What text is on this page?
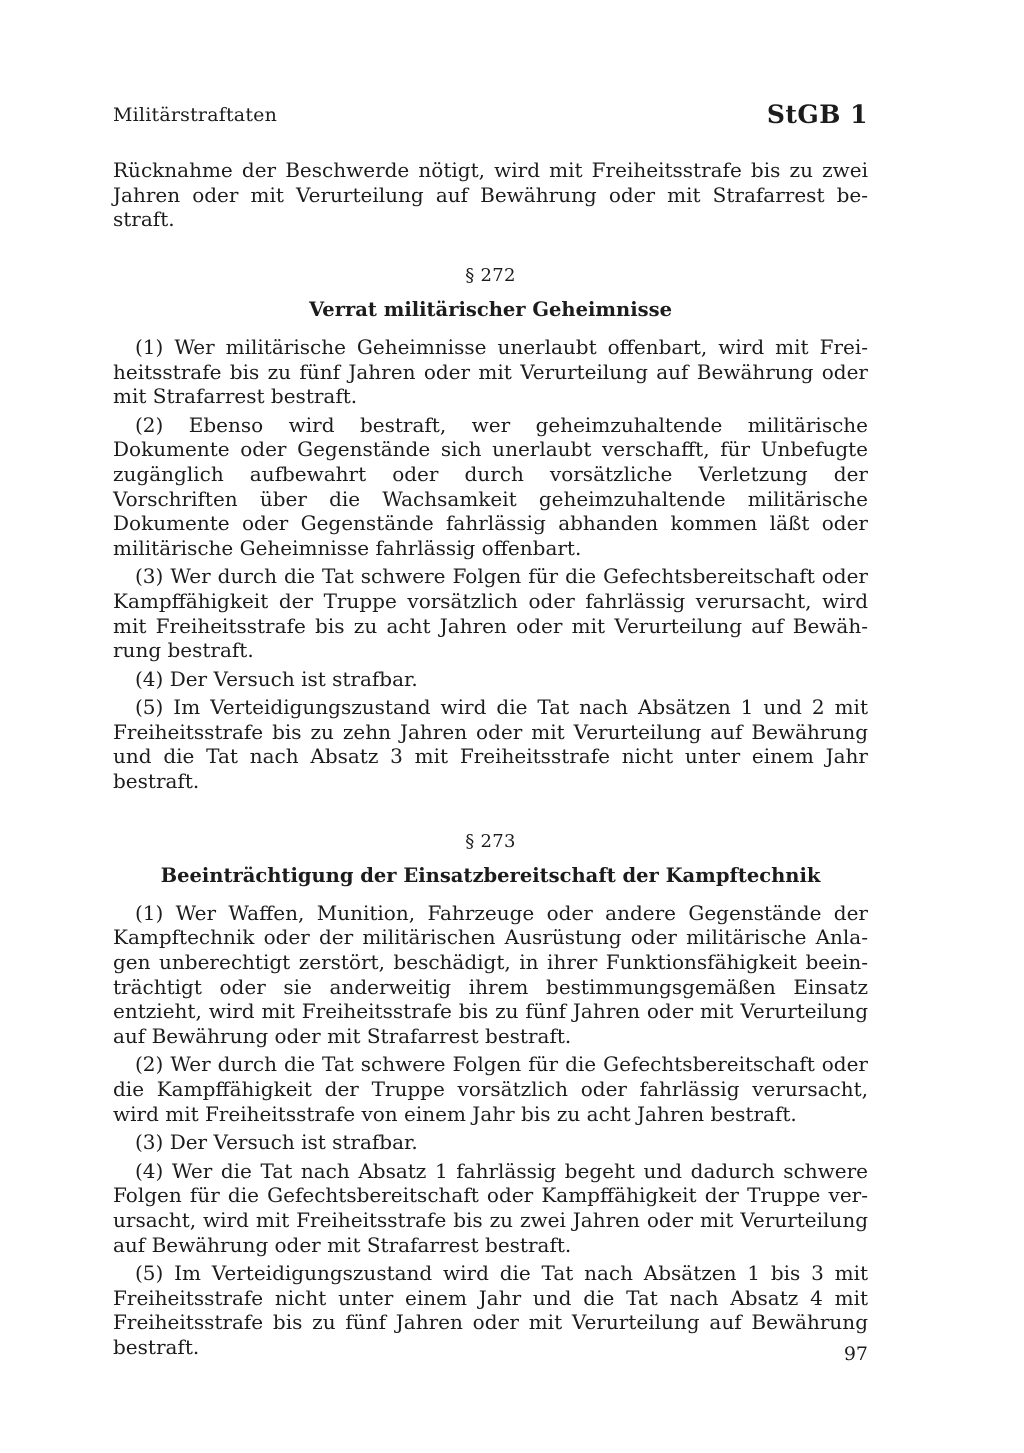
Militärstraftaten	StGB 1

Rücknahme der Beschwerde nötigt, wird mit Freiheitsstrafe bis zu zwei Jahren oder mit Verurteilung auf Bewährung oder mit Strafarrest bestraft.

§ 272
Verrat militärischer Geheimnisse

(1) Wer militärische Geheimnisse unerlaubt offenbart, wird mit Freiheitsstrafe bis zu fünf Jahren oder mit Verurteilung auf Bewährung oder mit Strafarrest bestraft.

(2) Ebenso wird bestraft, wer geheimzuhaltende militärische Dokumente oder Gegenstände sich unerlaubt verschafft, für Unbefugte zugänglich aufbewahrt oder durch vorsätzliche Verletzung der Vorschriften über die Wachsamkeit geheimzuhaltende militärische Dokumente oder Gegenstände fahrlässig abhanden kommen läßt oder militärische Geheimnisse fahrlässig offenbart.

(3) Wer durch die Tat schwere Folgen für die Gefechtsbereitschaft oder Kampffähigkeit der Truppe vorsätzlich oder fahrlässig verursacht, wird mit Freiheitsstrafe bis zu acht Jahren oder mit Verurteilung auf Bewährung bestraft.

(4) Der Versuch ist strafbar.

(5) Im Verteidigungszustand wird die Tat nach Absätzen 1 und 2 mit Freiheitsstrafe bis zu zehn Jahren oder mit Verurteilung auf Bewährung und die Tat nach Absatz 3 mit Freiheitsstrafe nicht unter einem Jahr bestraft.

§ 273
Beeinträchtigung der Einsatzbereitschaft der Kampftechnik

(1) Wer Waffen, Munition, Fahrzeuge oder andere Gegenstände der Kampftechnik oder der militärischen Ausrüstung oder militärische Anlagen unberechtigt zerstört, beschädigt, in ihrer Funktionsfähigkeit beeinträchtigt oder sie anderweitig ihrem bestimmungsgemäßen Einsatz entzieht, wird mit Freiheitsstrafe bis zu fünf Jahren oder mit Verurteilung auf Bewährung oder mit Strafarrest bestraft.

(2) Wer durch die Tat schwere Folgen für die Gefechtsbereitschaft oder die Kampffähigkeit der Truppe vorsätzlich oder fahrlässig verursacht, wird mit Freiheitsstrafe von einem Jahr bis zu acht Jahren bestraft.

(3) Der Versuch ist strafbar.

(4) Wer die Tat nach Absatz 1 fahrlässig begeht und dadurch schwere Folgen für die Gefechtsbereitschaft oder Kampffähigkeit der Truppe verursacht, wird mit Freiheitsstrafe bis zu zwei Jahren oder mit Verurteilung auf Bewährung oder mit Strafarrest bestraft.

(5) Im Verteidigungszustand wird die Tat nach Absätzen 1 bis 3 mit Freiheitsstrafe nicht unter einem Jahr und die Tat nach Absatz 4 mit Freiheitsstrafe bis zu fünf Jahren oder mit Verurteilung auf Bewährung bestraft.	97
